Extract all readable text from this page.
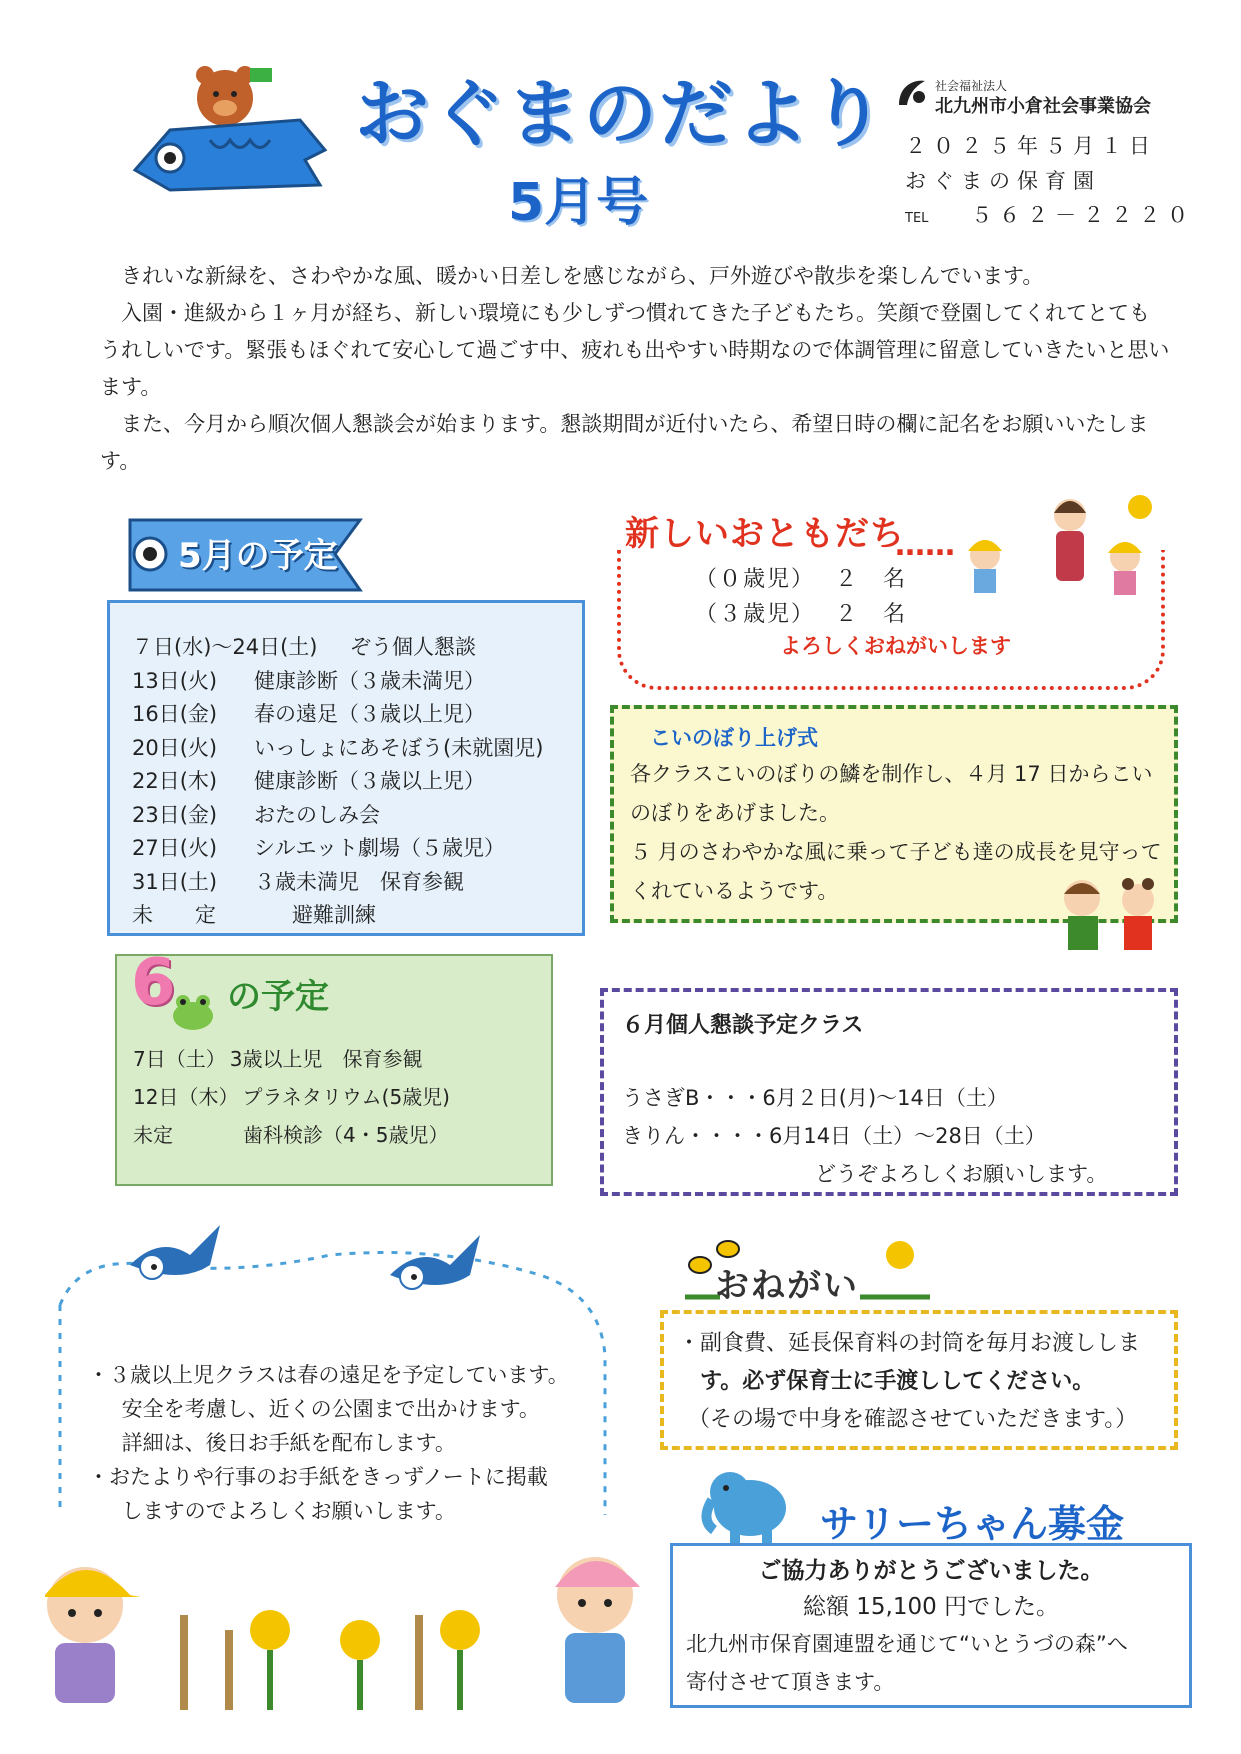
おぐまのだより
5月号
社会福祉法人
北九州市小倉社会事業協会
２０２５年５月１日
おぐまの保育園
TEL ５６２－２２２０

きれいな新緑を、さわやかな風、暖かい日差しを感じながら、戸外遊びや散歩を楽しんでいます。

入園・進級から１ヶ月が経ち、新しい環境にも少しずつ慣れてきた子どもたち。笑顔で登園してくれてとてもうれしいです。緊張もほぐれて安心して過ごす中、疲れも出やすい時期なので体調管理に留意していきたいと思います。

また、今月から順次個人懇談会が始まります。懇談期間が近付いたら、希望日時の欄に記名をお願いいたします。

5月の予定
７日(水)～24日(土) ぞう個人懇談
13日(火) 健康診断（３歳未満児）
16日(金) 春の遠足（３歳以上児）
20日(火) いっしょにあそぼう(未就園児)
22日(木) 健康診断（３歳以上児）
23日(金) おたのしみ会
27日(火) シルエット劇場（５歳児）
31日(土) ３歳未満児　保育参観
未　　定	避難訓練
6 の予定
7日（土） 3歳以上児　保育参観
12日（木） プラネタリウム(5歳児)
未定	歯科検診（4・5歳児）
新しいおともだち
……
（０歳児） ２　名
（３歳児） ２　名
よろしくおねがいします
こいのぼり上げ式

各クラスこいのぼりの鱗を制作し、４月 17 日からこいのぼりをあげました。

５ 月のさわやかな風に乗って子ども達の成長を見守ってくれているようです。

６月個人懇談予定クラス
うさぎB・・・6月２日(月)～14日（土）
きりん・・・・6月14日（土）～28日（土）
どうぞよろしくお願いします。
・３歳以上児クラスは春の遠足を予定しています。
安全を考慮し、近くの公園まで出かけます。
詳細は、後日お手紙を配布します。
・おたよりや行事のお手紙をきっずノートに掲載
しますのでよろしくお願いします。
おねがい
・副食費、延長保育料の封筒を毎月お渡ししま
す。必ず保育士に手渡ししてください。
（その場で中身を確認させていただきます。）
サリーちゃん募金
ご協力ありがとうございました。
総額 15,100 円でした。
北九州市保育園連盟を通じて“いとうづの森”へ
寄付させて頂きます。
